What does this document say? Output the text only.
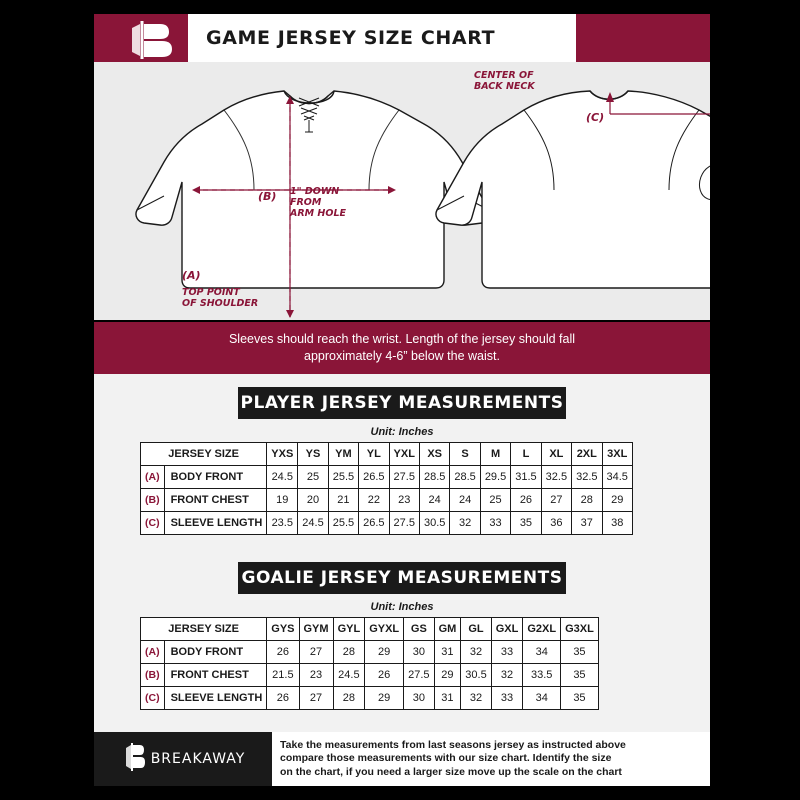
GAME JERSEY SIZE CHART
(A)
TOP POINT
OF SHOULDER
(B) 1" DOWN
FROM
ARM HOLE
(C)
CENTER OF
BACK NECK
Sleeves should reach the wrist. Length of the jersey should fall
approximately 4-6” below the waist.
PLAYER JERSEY MEASUREMENTS
Unit: Inches
JERSEY SIZE		YXS	YS	YM	YL	YXL	XS	S	M	L	XL	2XL	3XL
(A)	BODY FRONT	24.5	25	25.5	26.5	27.5	28.5	28.5	29.5	31.5	32.5	32.5	34.5
(B)	FRONT CHEST	19	20	21	22	23	24	24	25	26	27	28	29
(C)	SLEEVE LENGTH	23.5	24.5	25.5	26.5	27.5	30.5	32	33	35	36	37	38
GOALIE JERSEY MEASUREMENTS
Unit: Inches
JERSEY SIZE		GYS	GYM	GYL	GYXL	GS	GM	GL	GXL	G2XL	G3XL
(A)	BODY FRONT	26	27	28	29	30	31	32	33	34	35
(B)	FRONT CHEST	21.5	23	24.5	26	27.5	29	30.5	32	33.5	35
(C)	SLEEVE LENGTH	26	27	28	29	30	31	32	33	34	35
BREAKAWAY
Take the measurements from last seasons jersey as instructed above
compare those measurements with our size chart. Identify the size
on the chart, if you need a larger size move up the scale on the chart
